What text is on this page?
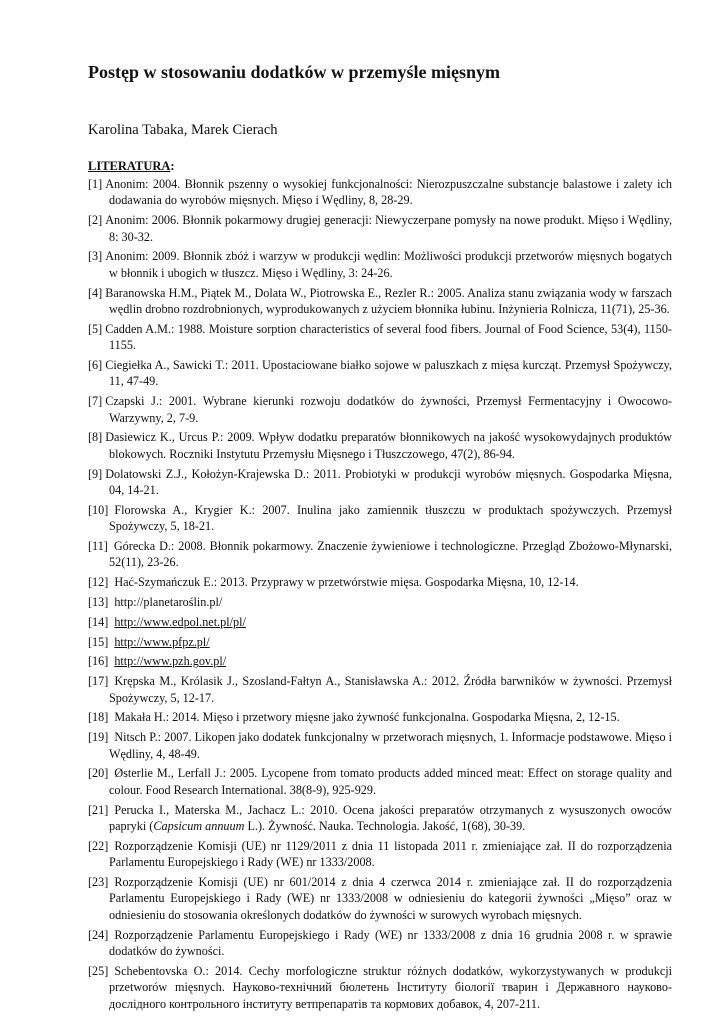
Postęp w stosowaniu dodatków w przemyśle mięsnym

Karolina Tabaka, Marek Cierach

LITERATURA:
[1] Anonim: 2004. Błonnik pszenny o wysokiej funkcjonalności: Nierozpuszczalne substancje balastowe i zalety ich dodawania do wyrobów mięsnych. Mięso i Wędliny, 8, 28-29.
[2] Anonim: 2006. Błonnik pokarmowy drugiej generacji: Niewyczerpane pomysły na nowe produkt. Mięso i Wędliny, 8: 30-32.
[3] Anonim: 2009. Błonnik zbóż i warzyw w produkcji wędlin: Możliwości produkcji przetworów mięsnych bogatych w błonnik i ubogich w tłuszcz. Mięso i Wędliny, 3: 24-26.
[4] Baranowska H.M., Piątek M., Dolata W., Piotrowska E., Rezler R.: 2005. Analiza stanu związania wody w farszach wędlin drobno rozdrobnionych, wyprodukowanych z użyciem błonnika łubinu. Inżynieria Rolnicza, 11(71), 25-36.
[5] Cadden A.M.: 1988. Moisture sorption characteristics of several food fibers. Journal of Food Science, 53(4), 1150-1155.
[6] Ciegiełka A., Sawicki T.: 2011. Upostaciowane białko sojowe w paluszkach z mięsa kurcząt. Przemysł Spożywczy, 11, 47-49.
[7] Czapski J.: 2001. Wybrane kierunki rozwoju dodatków do żywności, Przemysł Fermentacyjny i Owocowo-Warzywny, 2, 7-9.
[8] Dasiewicz K., Urcus P.: 2009. Wpływ dodatku preparatów błonnikowych na jakość wysokowydajnych produktów blokowych. Roczniki Instytutu Przemysłu Mięsnego i Tłuszczowego, 47(2), 86-94.
[9] Dolatowski Z.J., Kołożyn-Krajewska D.: 2011. Probiotyki w produkcji wyrobów mięsnych. Gospodarka Mięsna, 04, 14-21.
[10] Florowska A., Krygier K.: 2007. Inulina jako zamiennik tłuszczu w produktach spożywczych. Przemysł Spożywczy, 5, 18-21.
[11] Górecka D.: 2008. Błonnik pokarmowy. Znaczenie żywieniowe i technologiczne. Przegląd Zbożowo-Młynarski, 52(11), 23-26.
[12] Hać-Szymańczuk E.: 2013. Przyprawy w przetwórstwie mięsa. Gospodarka Mięsna, 10, 12-14.
[13] http://planetaroślin.pl/
[14] http://www.edpol.net.pl/pl/
[15] http://www.pfpz.pl/
[16] http://www.pzh.gov.pl/
[17] Krępska M., Królasik J., Szosland-Fałtyn A., Stanisławska A.: 2012. Źródła barwników w żywności. Przemysł Spożywczy, 5, 12-17.
[18] Makała H.: 2014. Mięso i przetwory mięsne jako żywność funkcjonalna. Gospodarka Mięsna, 2, 12-15.
[19] Nitsch P.: 2007. Likopen jako dodatek funkcjonalny w przetworach mięsnych, 1. Informacje podstawowe. Mięso i Wędliny, 4, 48-49.
[20] Østerlie M., Lerfall J.: 2005. Lycopene from tomato products added minced meat: Effect on storage quality and colour. Food Research International. 38(8-9), 925-929.
[21] Perucka I., Materska M., Jachacz L.: 2010. Ocena jakości preparatów otrzymanych z wysuszonych owoców papryki (Capsicum annuum L.). Żywność. Nauka. Technologia. Jakość, 1(68), 30-39.
[22] Rozporządzenie Komisji (UE) nr 1129/2011 z dnia 11 listopada 2011 r. zmieniające zał. II do rozporządzenia Parlamentu Europejskiego i Rady (WE) nr 1333/2008.
[23] Rozporządzenie Komisji (UE) nr 601/2014 z dnia 4 czerwca 2014 r. zmieniające zał. II do rozporządzenia Parlamentu Europejskiego i Rady (WE) nr 1333/2008 w odniesieniu do kategorii żywności „Mięso” oraz w odniesieniu do stosowania określonych dodatków do żywności w surowych wyrobach mięsnych.
[24] Rozporządzenie Parlamentu Europejskiego i Rady (WE) nr 1333/2008 z dnia 16 grudnia 2008 r. w sprawie dodatków do żywności.
[25] Schebentovska O.: 2014. Cechy morfologiczne struktur różnych dodatków, wykorzystywanych w produkcji przetworów mięsnych. Науково-технічний бюлетень Інституту біології тварин і Державного науково-дослідного контрольного інституту ветпрепаратів та кормових добавок, 4, 207-211.
